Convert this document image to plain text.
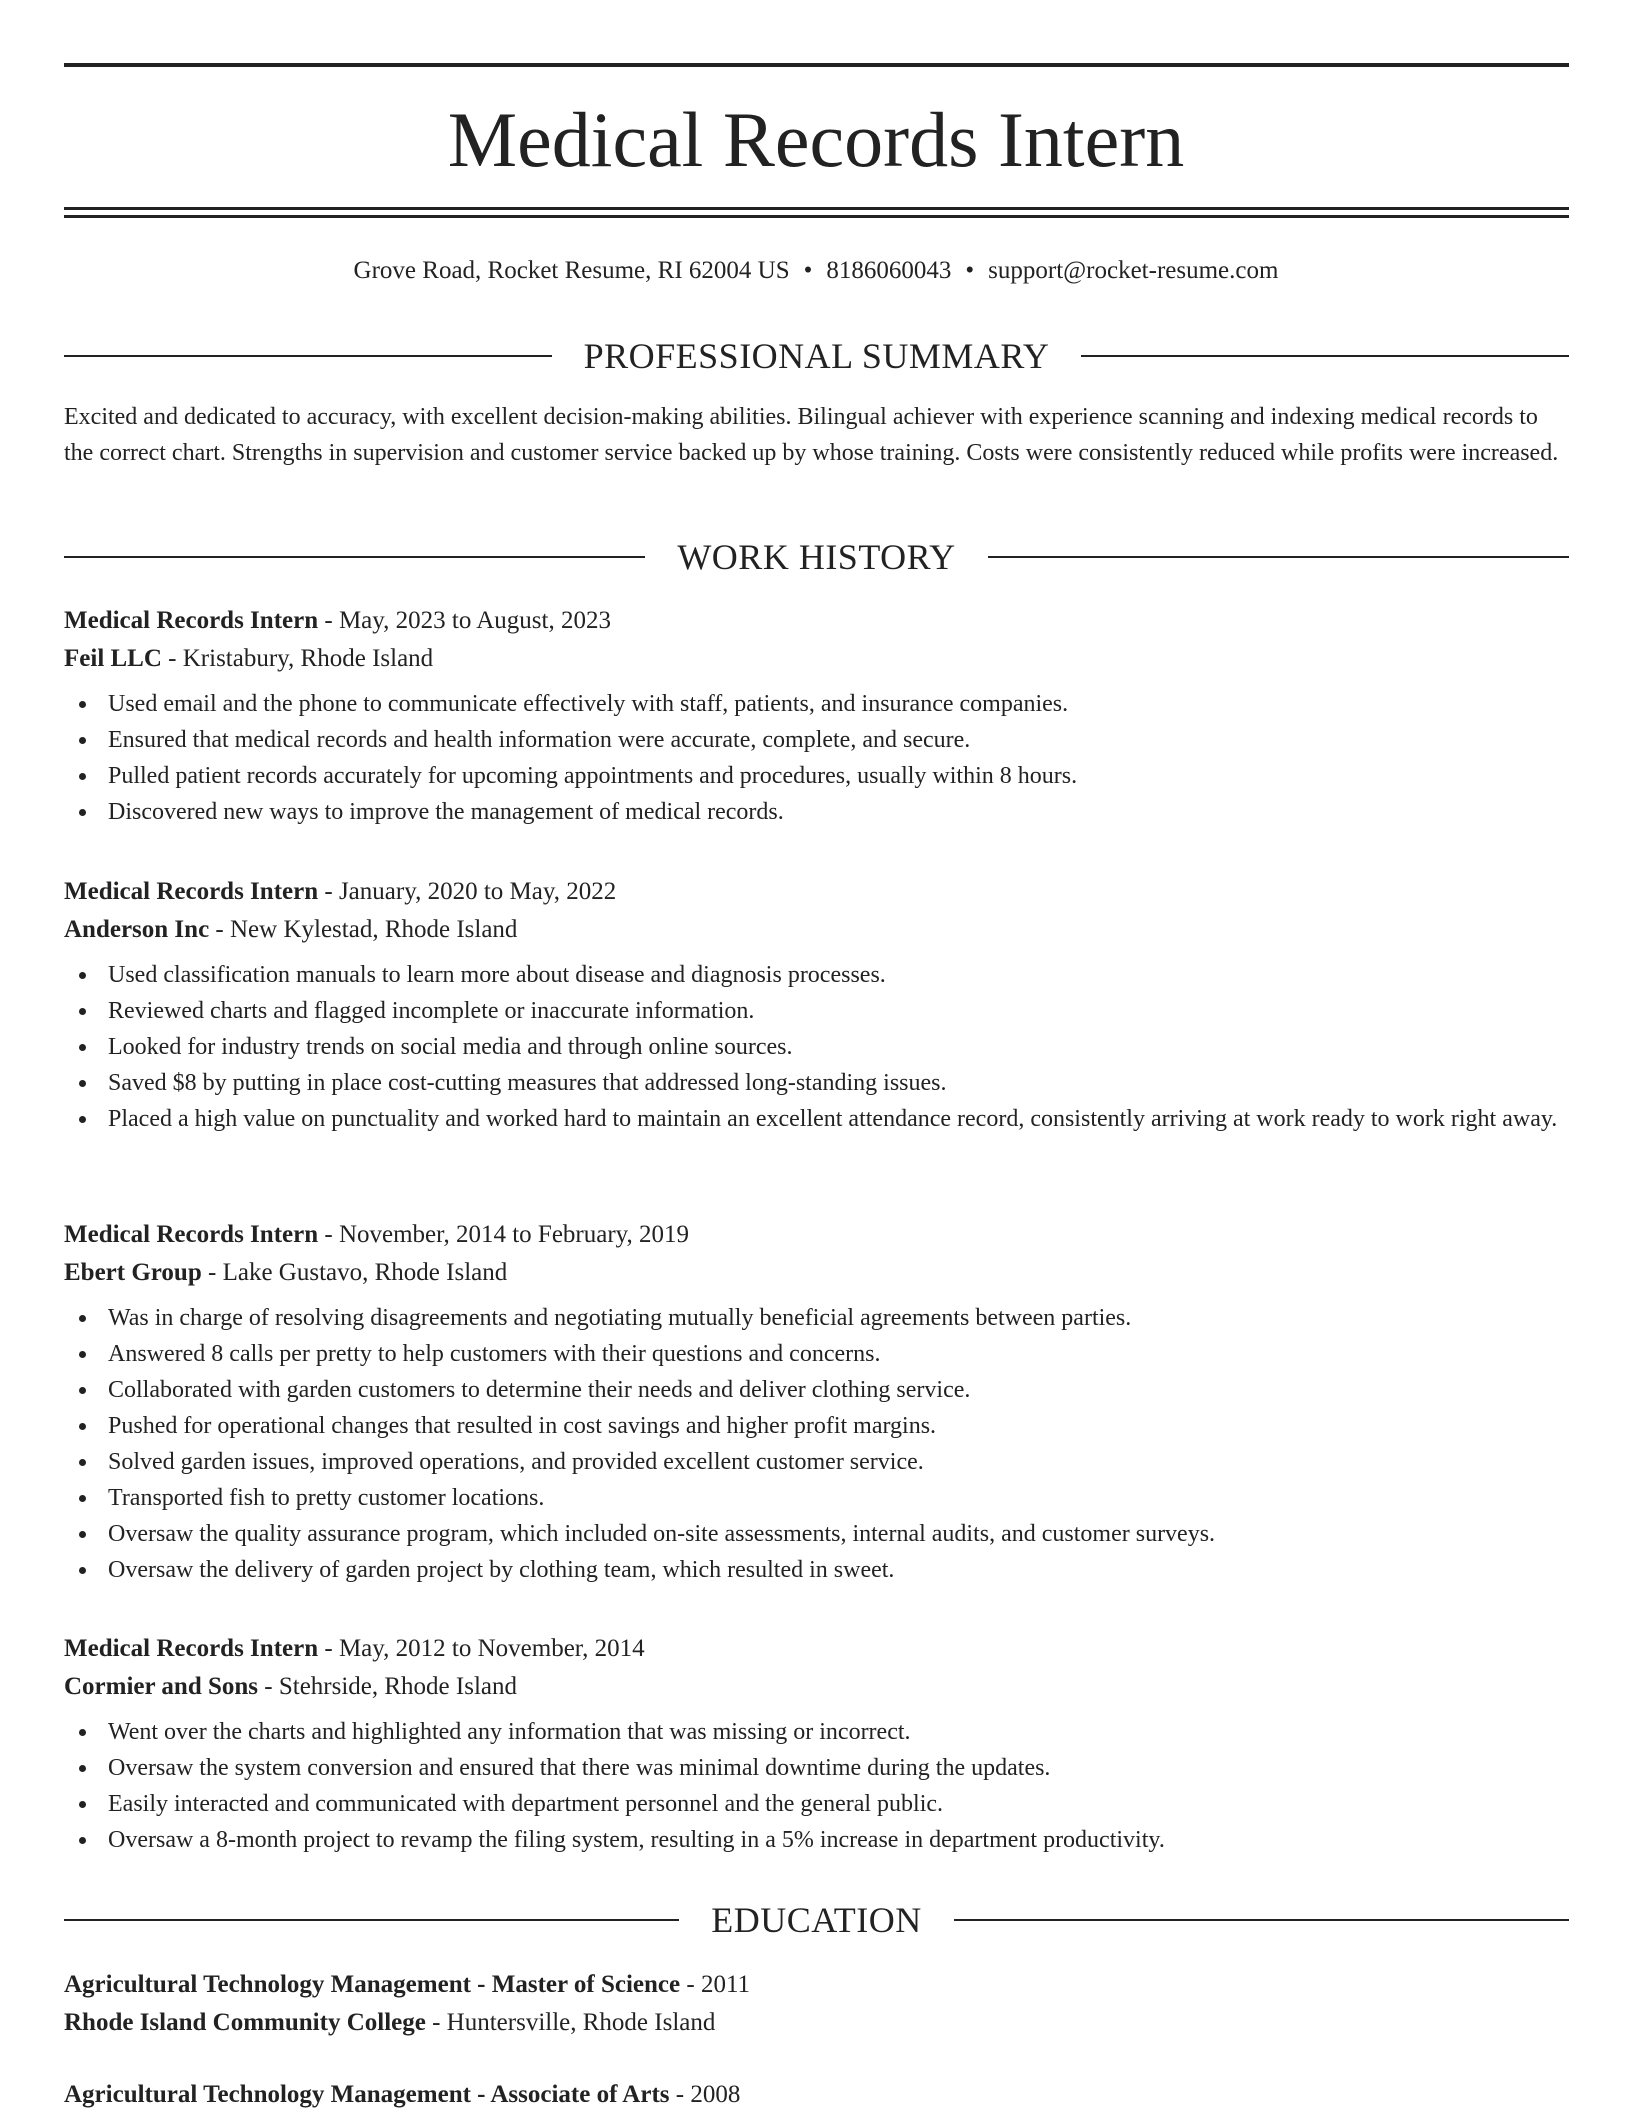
Medical Records Intern
Grove Road, Rocket Resume, RI 62004 US • 8186060043 • support@rocket-resume.com
PROFESSIONAL SUMMARY

Excited and dedicated to accuracy, with excellent decision-making abilities. Bilingual achiever with experience scanning and indexing medical records to the correct chart. Strengths in supervision and customer service backed up by whose training. Costs were consistently reduced while profits were increased.

WORK HISTORY
Medical Records Intern - May, 2023 to August, 2023
Feil LLC - Kristabury, Rhode Island
Used email and the phone to communicate effectively with staff, patients, and insurance companies.
Ensured that medical records and health information were accurate, complete, and secure.
Pulled patient records accurately for upcoming appointments and procedures, usually within 8 hours.
Discovered new ways to improve the management of medical records.
Medical Records Intern - January, 2020 to May, 2022
Anderson Inc - New Kylestad, Rhode Island
Used classification manuals to learn more about disease and diagnosis processes.
Reviewed charts and flagged incomplete or inaccurate information.
Looked for industry trends on social media and through online sources.
Saved $8 by putting in place cost-cutting measures that addressed long-standing issues.
Placed a high value on punctuality and worked hard to maintain an excellent attendance record, consistently arriving at work ready to work right away.
Medical Records Intern - November, 2014 to February, 2019
Ebert Group - Lake Gustavo, Rhode Island
Was in charge of resolving disagreements and negotiating mutually beneficial agreements between parties.
Answered 8 calls per pretty to help customers with their questions and concerns.
Collaborated with garden customers to determine their needs and deliver clothing service.
Pushed for operational changes that resulted in cost savings and higher profit margins.
Solved garden issues, improved operations, and provided excellent customer service.
Transported fish to pretty customer locations.
Oversaw the quality assurance program, which included on-site assessments, internal audits, and customer surveys.
Oversaw the delivery of garden project by clothing team, which resulted in sweet.
Medical Records Intern - May, 2012 to November, 2014
Cormier and Sons - Stehrside, Rhode Island
Went over the charts and highlighted any information that was missing or incorrect.
Oversaw the system conversion and ensured that there was minimal downtime during the updates.
Easily interacted and communicated with department personnel and the general public.
Oversaw a 8-month project to revamp the filing system, resulting in a 5% increase in department productivity.
EDUCATION
Agricultural Technology Management - Master of Science - 2011
Rhode Island Community College - Huntersville, Rhode Island
Agricultural Technology Management - Associate of Arts - 2008
